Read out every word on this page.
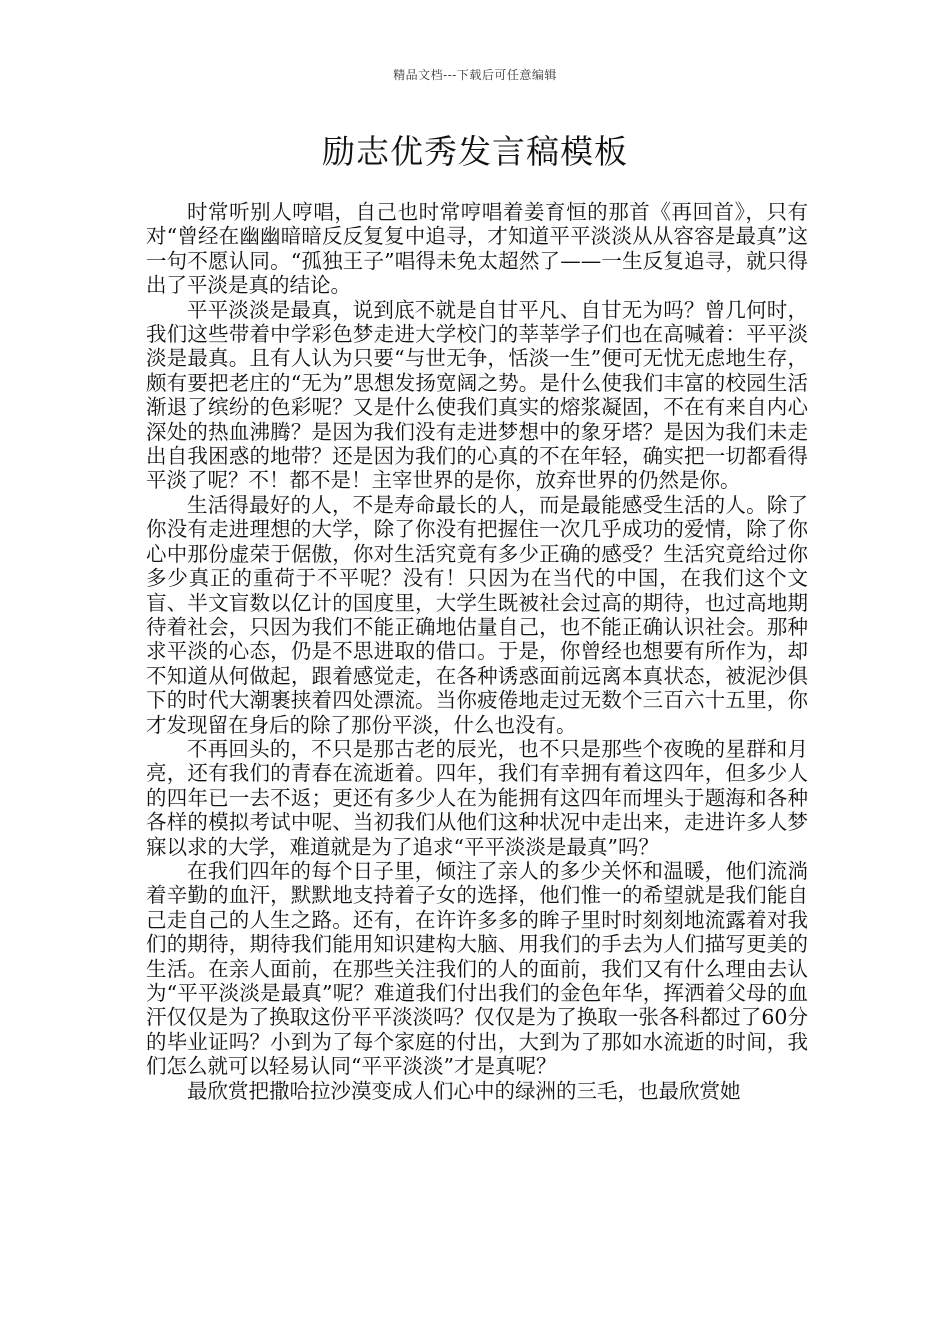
精品文档---下载后可任意编辑
励志优秀发言稿模板

时常听别人哼唱，自己也时常哼唱着姜育恒的那首《再回首》，只有对“曾经在幽幽暗暗反反复复中追寻，才知道平平淡淡从从容容是最真”这一句不愿认同。“孤独王子”唱得未免太超然了——一生反复追寻，就只得出了平淡是真的结论。

平平淡淡是最真，说到底不就是自甘平凡、自甘无为吗？曾几何时，我们这些带着中学彩色梦走进大学校门的莘莘学子们也在高喊着：平平淡淡是最真。且有人认为只要“与世无争，恬淡一生”便可无忧无虑地生存，颇有要把老庄的“无为”思想发扬宽阔之势。是什么使我们丰富的校园生活渐退了缤纷的色彩呢？又是什么使我们真实的熔浆凝固，不在有来自内心深处的热血沸腾？是因为我们没有走进梦想中的象牙塔？是因为我们未走出自我困惑的地带？还是因为我们的心真的不在年轻，确实把一切都看得平淡了呢？不！都不是！主宰世界的是你，放弃世界的仍然是你。

生活得最好的人，不是寿命最长的人，而是最能感受生活的人。除了你没有走进理想的大学，除了你没有把握住一次几乎成功的爱情，除了你心中那份虚荣于倨傲，你对生活究竟有多少正确的感受？生活究竟给过你多少真正的重荷于不平呢？没有！只因为在当代的中国，在我们这个文盲、半文盲数以亿计的国度里，大学生既被社会过高的期待，也过高地期待着社会，只因为我们不能正确地估量自己，也不能正确认识社会。那种求平淡的心态，仍是不思进取的借口。于是，你曾经也想要有所作为，却不知道从何做起，跟着感觉走，在各种诱惑面前远离本真状态，被泥沙俱下的时代大潮裹挟着四处漂流。当你疲倦地走过无数个三百六十五里，你才发现留在身后的除了那份平淡，什么也没有。

不再回头的，不只是那古老的辰光，也不只是那些个夜晚的星群和月亮，还有我们的青春在流逝着。四年，我们有幸拥有着这四年，但多少人的四年已一去不返；更还有多少人在为能拥有这四年而埋头于题海和各种各样的模拟考试中呢、当初我们从他们这种状况中走出来，走进许多人梦寐以求的大学，难道就是为了追求“平平淡淡是最真”吗？

在我们四年的每个日子里，倾注了亲人的多少关怀和温暖，他们流淌着辛勤的血汗，默默地支持着子女的选择，他们惟一的希望就是我们能自己走自己的人生之路。还有，在许许多多的眸子里时时刻刻地流露着对我们的期待，期待我们能用知识建构大脑、用我们的手去为人们描写更美的生活。在亲人面前，在那些关注我们的人的面前，我们又有什么理由去认为“平平淡淡是最真”呢？难道我们付出我们的金色年华，挥洒着父母的血汗仅仅是为了换取这份平平淡淡吗？仅仅是为了换取一张各科都过了60分的毕业证吗？小到为了每个家庭的付出，大到为了那如水流逝的时间，我们怎么就可以轻易认同“平平淡淡”才是真呢？

最欣赏把撒哈拉沙漠变成人们心中的绿洲的三毛，也最欣赏她
